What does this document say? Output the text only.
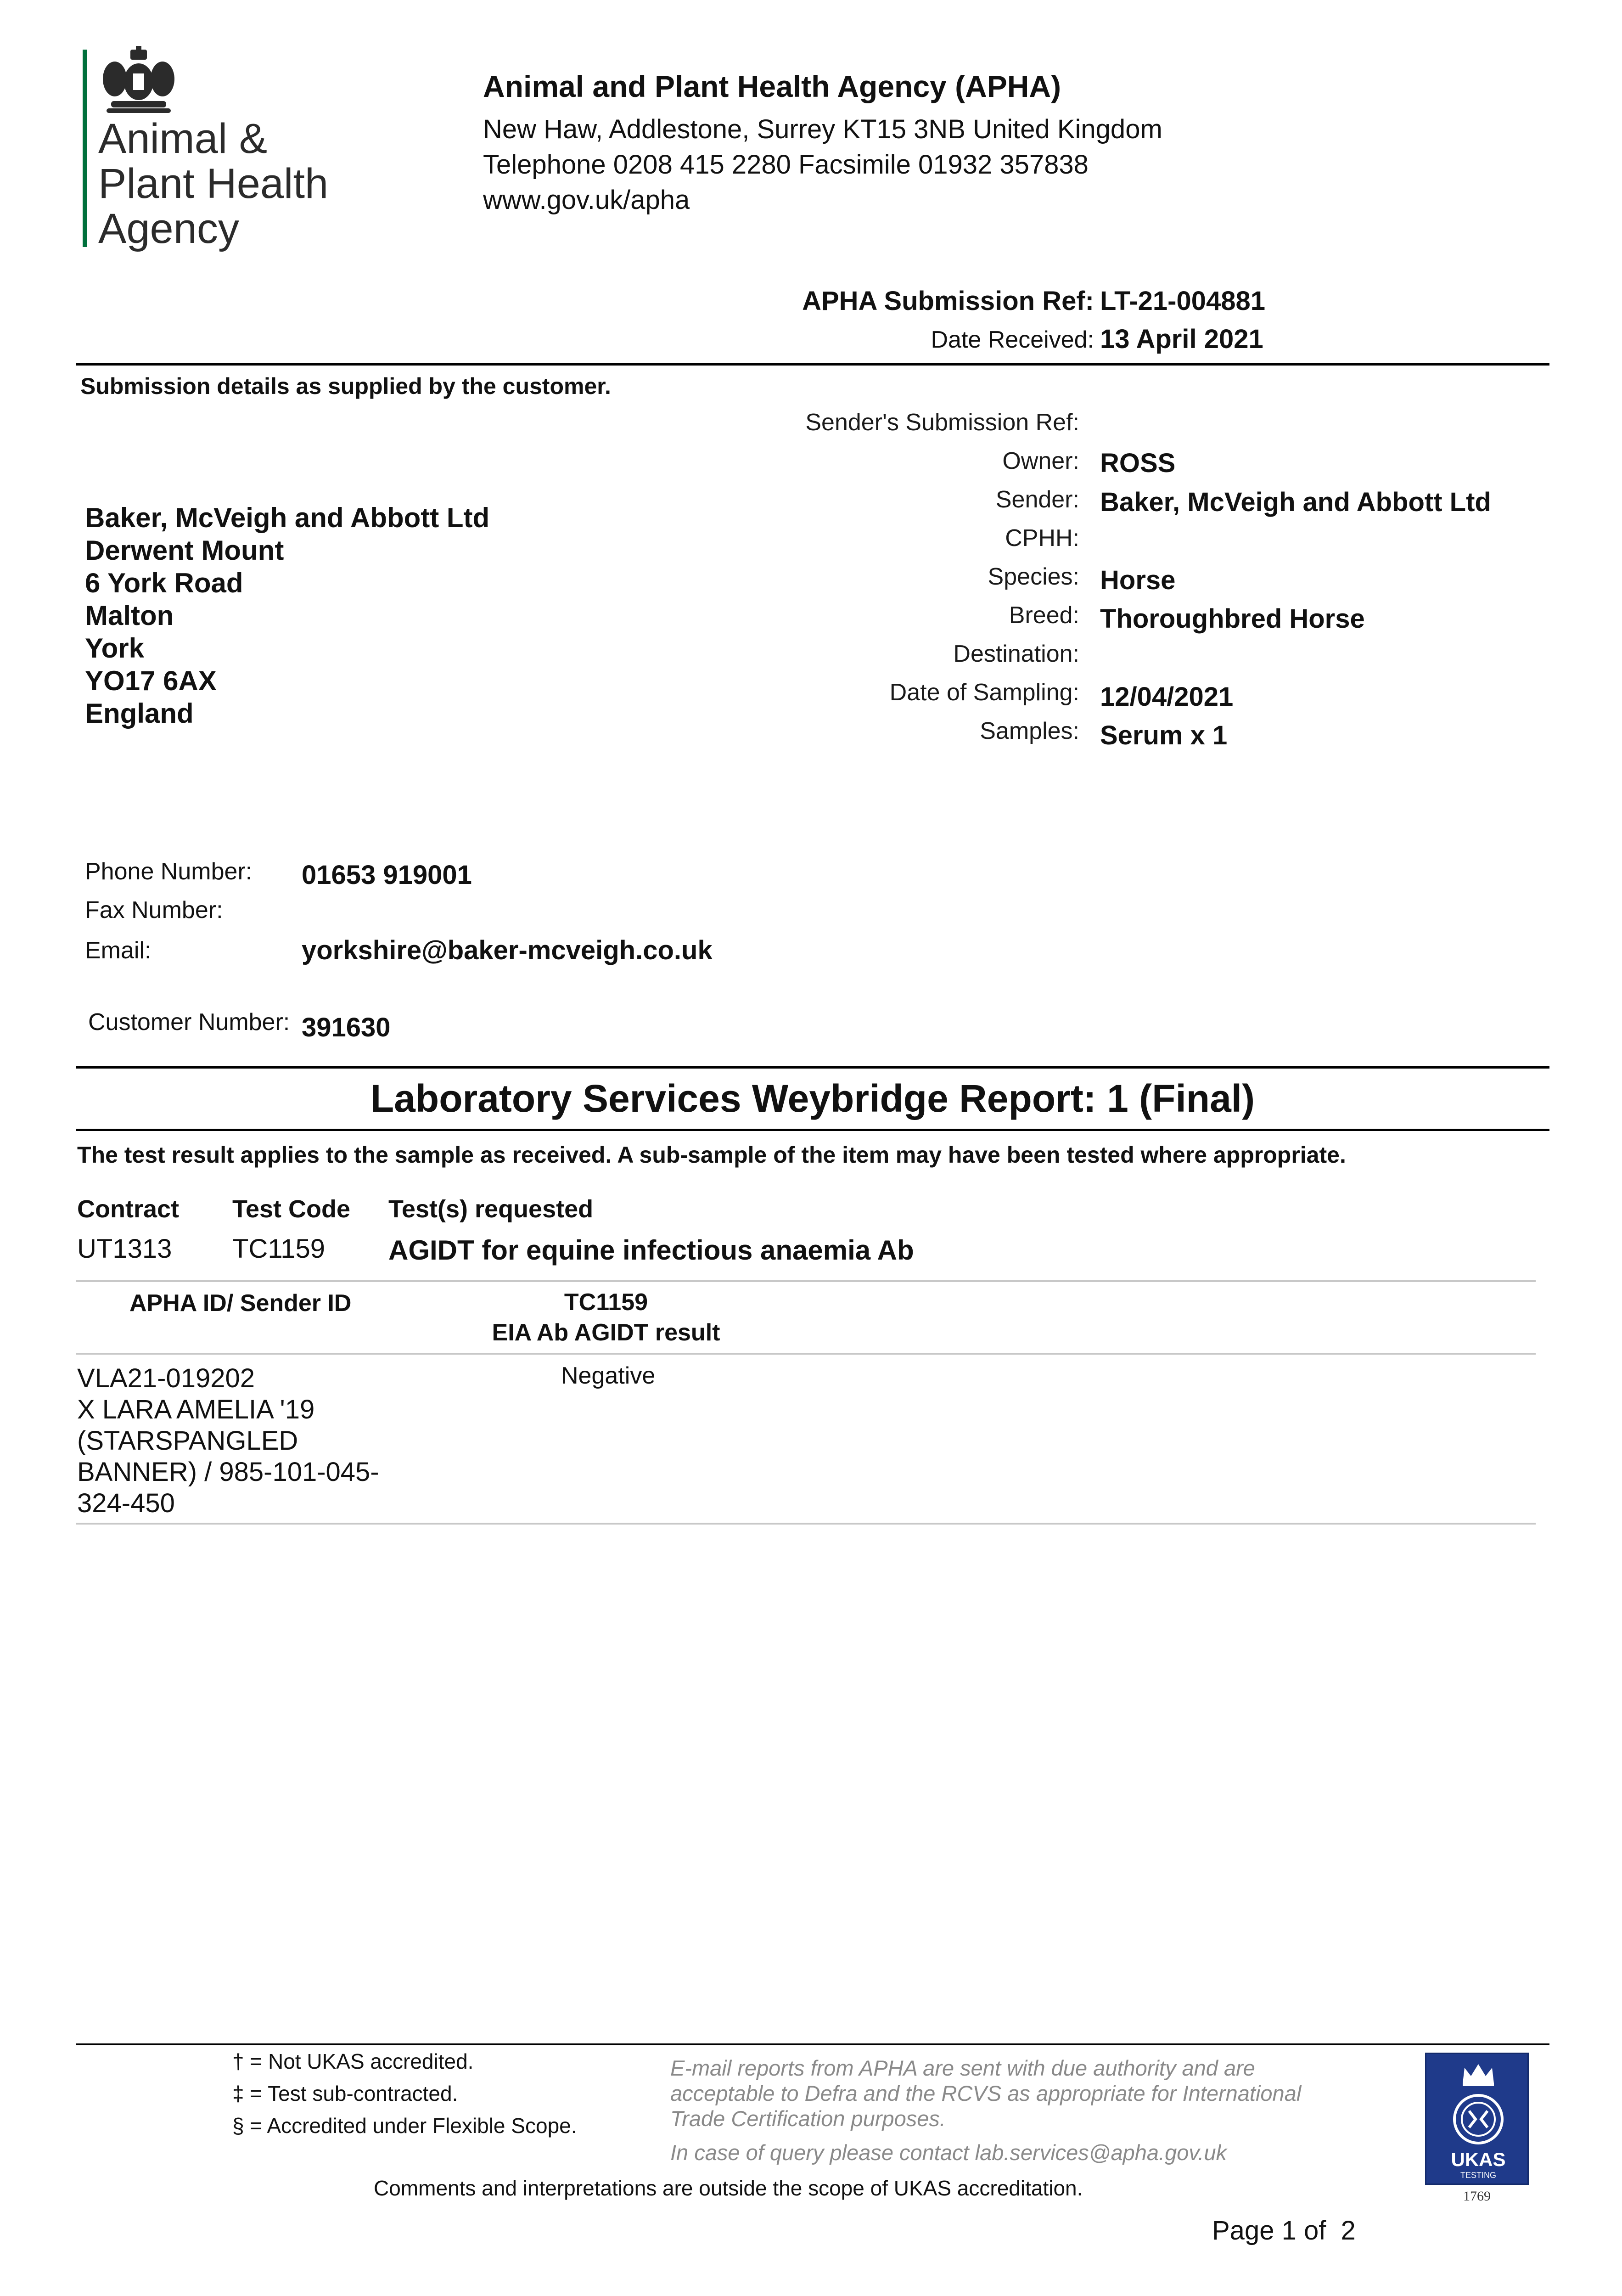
Animal &
Plant Health
Agency
Animal and Plant Health Agency (APHA)
New Haw, Addlestone, Surrey KT15 3NB United Kingdom
Telephone 0208 415 2280 Facsimile 01932 357838
www.gov.uk/apha
APHA Submission Ref: LT-21-004881
Date Received: 13 April 2021
Submission details as supplied by the customer.
Baker, McVeigh and Abbott Ltd
Derwent Mount
6 York Road
Malton
York
YO17 6AX
England
Sender's Submission Ref:
Owner: ROSS
Sender: Baker, McVeigh and Abbott Ltd
CPHH:
Species: Horse
Breed: Thoroughbred Horse
Destination:
Date of Sampling: 12/04/2021
Samples: Serum x 1
Phone Number: 01653 919001
Fax Number:
Email:	yorkshire@baker-mcveigh.co.uk
Customer Number: 391630
Laboratory Services Weybridge Report: 1 (Final)
The test result applies to the sample as received. A sub-sample of the item may have been tested where appropriate.
Contract Test Code Test(s) requested
UT1313 TC1159 AGIDT for equine infectious anaemia Ab
APHA ID/ Sender ID	TC1159
EIA Ab AGIDT result
VLA21-019202
X LARA AMELIA '19
(STARSPANGLED
BANNER) / 985-101-045-
324-450
Negative
† = Not UKAS accredited.
‡ = Test sub-contracted.
§ = Accredited under Flexible Scope.
E-mail reports from APHA are sent with due authority and are
acceptable to Defra and the RCVS as appropriate for International
Trade Certification purposes.
In case of query please contact lab.services@apha.gov.uk
Comments and interpretations are outside the scope of UKAS accreditation.
UKAS
TESTING
1769
Page 1 of  2
